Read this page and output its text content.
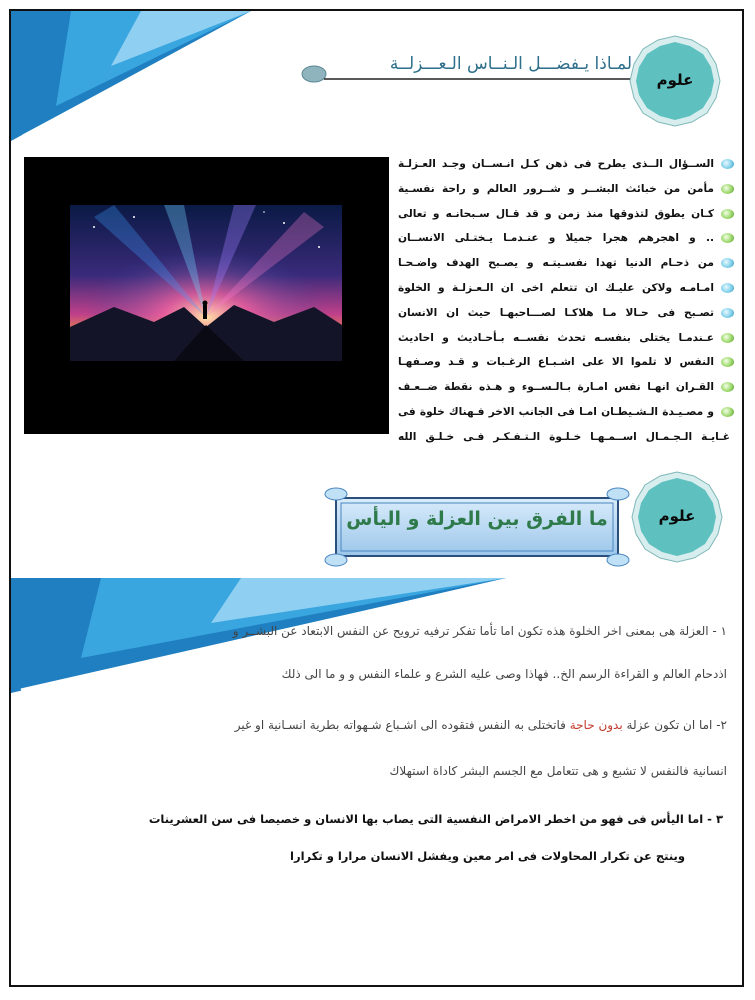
لمـاذا يـفضـــل الـنــاس الـعـــزلــة
علوم
الســؤال الــذى يطرح فى ذهن كـل انـســان وجـد العـزلـة
مأمن من خبائث البشــر و شــرور العالم و راحة نفسـية
كـان يطوق لتذوقها منذ زمن و قد قـال سـبحانـه و تعالى
.. و اهجرهم هجرا جميلا و عنـدمـا يـختـلى الانســان
من ذحـام الدنيا تهدا نفسـيتـه و يصـبح الهدف واضـحـا
امـامـه ولاكن عليـك ان تتعلم اخى ان الـعـزلـة و الخلوة
تصـبح فى حـالا مـا هلاكـا لصـــاحبهـا حيث ان الانسان
عـندمـا يختلى بنفسـه تحدث نفســه بـأحـاديث و احاديث
النفس لا تلموا الا على اشـبـاع الرغـبات و قـد وصـفهـا
القـران انهـا نفس امـارة بـالـســوء و هـذه نقطة ضــعـف
و مصـيـدة الـشـيطـان امـا فى الجانب الاخر فـهناك خلوة فى
غـايـة الـجـمـال اســمـهـا خـلـوة الـتـفـكـر فـى خـلـق الله
ما الفرق بين العزلة و اليأس	علوم
١ - العزلة هى بمعنى اخر الخلوة هذه تكون اما تأما تفكر ترفيه ترويح عن النفس الابتعاد عن البشــر و
اذدحام العالم و القراءة الرسم الخ.. فهاذا وصى عليه الشرع و علماء النفس و و ما الى ذلك
٢- اما ان تكون عزلة بدون حاجة فاتختلى به النفس فتقوده الى اشـباع شـهواته بطرية انسـانية او غير
انسانية فالنفس لا تشبع و هى تتعامل مع الجسم البشر كاداة استهلاك
٣ - اما اليأس فى فهو من اخطر الامراض النفسية التى يصاب بها الانسان و خصيصا فى سن العشرينات
وينتج عن تكرار المحاولات فى امر معين ويفشل الانسان مرارا و تكرارا
